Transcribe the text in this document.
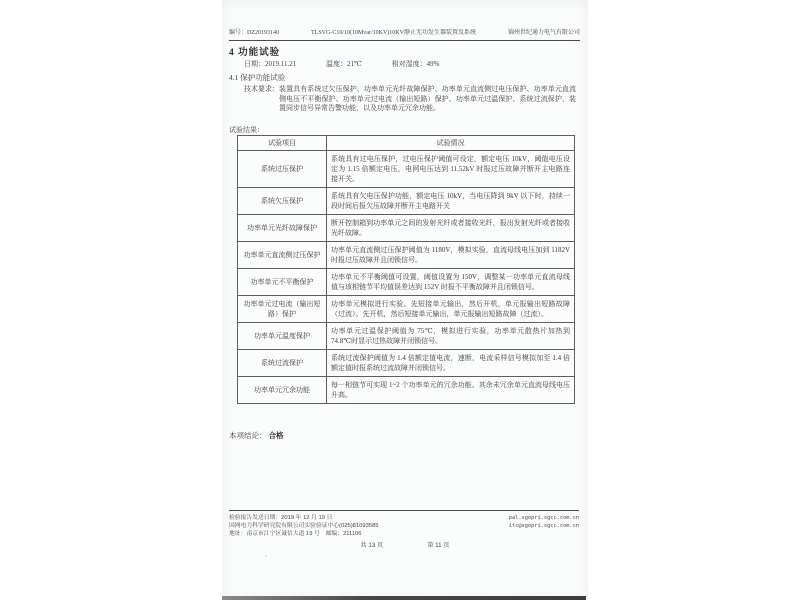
编号：DZ20193140	TLSVG-C10/10(10Mvar/10KV)10KV静止无功发生器装置及系统	锦州世纪通力电气有限公司
4 功能试验
日期：2019.11.21	温度：21℃	相对湿度：49%
4.1 保护功能试验
技术要求： 装置具有系统过欠压保护、功率单元光纤故障保护、功率单元直流侧过电压保护、功率单元直流侧电压不平衡保护、功率单元过电流（输出短路）保护、功率单元过温保护、系统过流保护、装置同步信号异常告警功能，以及功率单元冗余功能。
试验结果：
试验项目	试验情况
系统过压保护	系统具有过电压保护，过电压保护阈值可设定，额定电压 10kV，阈值电压设定为 1.15 倍额定电压，电网电压达到 11.52kV 时报过压故障并断开主电路连接开关。
系统欠压保护	系统具有欠电压保护功能，额定电压 10kV，当电压降到 9kV 以下时，持续一段时间后报欠压故障并断开主电路开关
功率单元光纤故障保护	断开控制箱到功率单元之间的发射光纤或者接收光纤，报出发射光纤或者接收光纤故障。
功率单元直流侧过压保护	功率单元直流侧过压保护阈值为 1180V，模拟实验，直流母线电压加到 1182V 时报过压故障并且闭锁信号。
功率单元不平衡保护	功率单元不平衡阈值可设置，阈值设置为 150V，调整某一功率单元直流母线值与该相链节平均值误差达到 152V 时报不平衡故障并且闭锁信号。
功率单元过电流（输出短路）保护	功率单元模拟进行实验。先短接单元输出，然后开机，单元报输出短路故障（过流）。先开机，然后短接单元输出，单元报输出短路故障（过流）。
功率单元温度保护	功率单元过温保护阈值为 75℃，模拟进行实验，功率单元散热片加热到 74.8℃时显示过热故障并闭锁信号。
系统过流保护	系统过流保护阈值为 1.4 倍额定值电流，速断，电流采样信号模拟加至 1.4 倍额定值时报系统过流故障并闭锁信号。
功率单元冗余功能	每一相链节可实现 1~2 个功率单元的冗余功能。其余未冗余单元直流母线电压升高。
本项结论： 合格
检验报告发送日期：2019 年 12 月 19 日
国网电力科学研究院有限公司实验验证中心(025)81093585
地址：南京市江宁区诚信大道 19 号　邮编：211106
pal.sgepri.sgcc.com.cn
itc@sgepri.sgcc.com.cn
共 13 页	第 11 页
’
